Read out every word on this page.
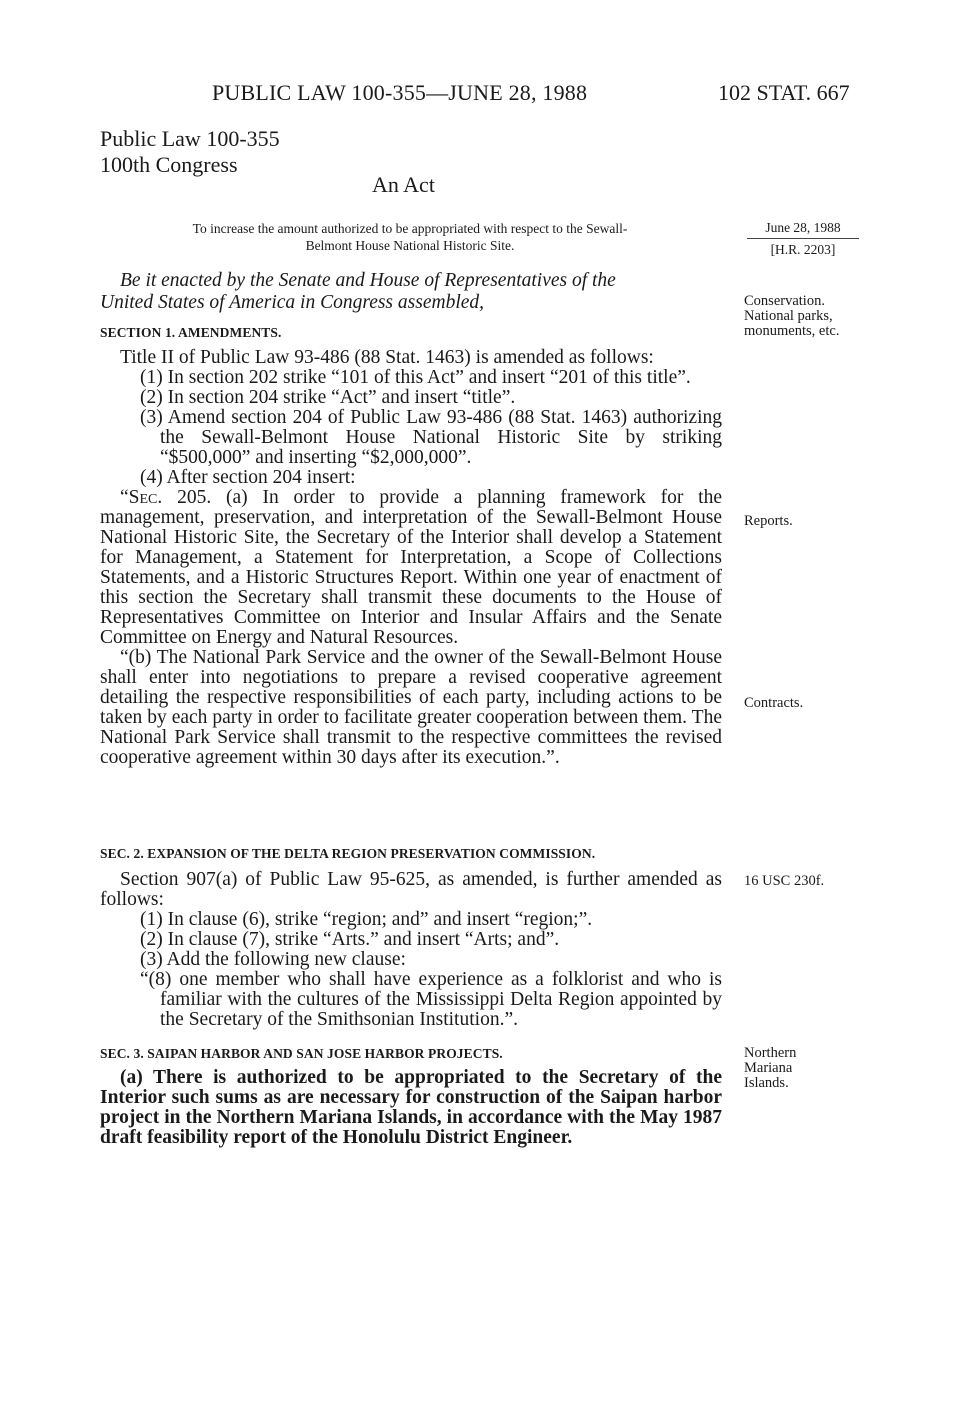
PUBLIC LAW 100-355—JUNE 28, 1988	102 STAT. 667
Public Law 100-355
100th Congress
An Act
To increase the amount authorized to be appropriated with respect to the Sewall-
Belmont House National Historic Site.
June 28, 1988
[H.R. 2203]
Be it enacted by the Senate and House of Representatives of the
United States of America in Congress assembled,	Conservation.
National parks,
monuments, etc.
SECTION 1. AMENDMENTS.

Title II of Public Law 93-486 (88 Stat. 1463) is amended as follows:

(1) In section 202 strike “101 of this Act” and insert “201 of this title”.

(2) In section 204 strike “Act” and insert “title”.

(3) Amend section 204 of Public Law 93-486 (88 Stat. 1463) authorizing the Sewall-Belmont House National Historic Site by striking “$500,000” and inserting “$2,000,000”.

(4) After section 204 insert:

“Sec. 205. (a) In order to provide a planning framework for the management, preservation, and interpretation of the Sewall-Belmont House National Historic Site, the Secretary of the Interior shall develop a Statement for Management, a Statement for Interpretation, a Scope of Collections Statements, and a Historic Structures Report. Within one year of enactment of this section the Secretary shall transmit these documents to the House of Representatives Committee on Interior and Insular Affairs and the Senate Committee on Energy and Natural Resources.

“(b) The National Park Service and the owner of the Sewall-Belmont House shall enter into negotiations to prepare a revised cooperative agreement detailing the respective responsibilities of each party, including actions to be taken by each party in order to facilitate greater cooperation between them. The National Park Service shall transmit to the respective committees the revised cooperative agreement within 30 days after its execution.”.

Reports.
Contracts.
SEC. 2. EXPANSION OF THE DELTA REGION PRESERVATION COMMISSION.

Section 907(a) of Public Law 95-625, as amended, is further amended as follows:

(1) In clause (6), strike “region; and” and insert “region;”.

(2) In clause (7), strike “Arts.” and insert “Arts; and”.

(3) Add the following new clause:

“(8) one member who shall have experience as a folklorist and who is familiar with the cultures of the Mississippi Delta Region appointed by the Secretary of the Smithsonian Institution.”.

16 USC 230f.
SEC. 3. SAIPAN HARBOR AND SAN JOSE HARBOR PROJECTS.

(a) There is authorized to be appropriated to the Secretary of the Interior such sums as are necessary for construction of the Saipan harbor project in the Northern Mariana Islands, in accordance with the May 1987 draft feasibility report of the Honolulu District Engineer.

Northern
Mariana
Islands.
